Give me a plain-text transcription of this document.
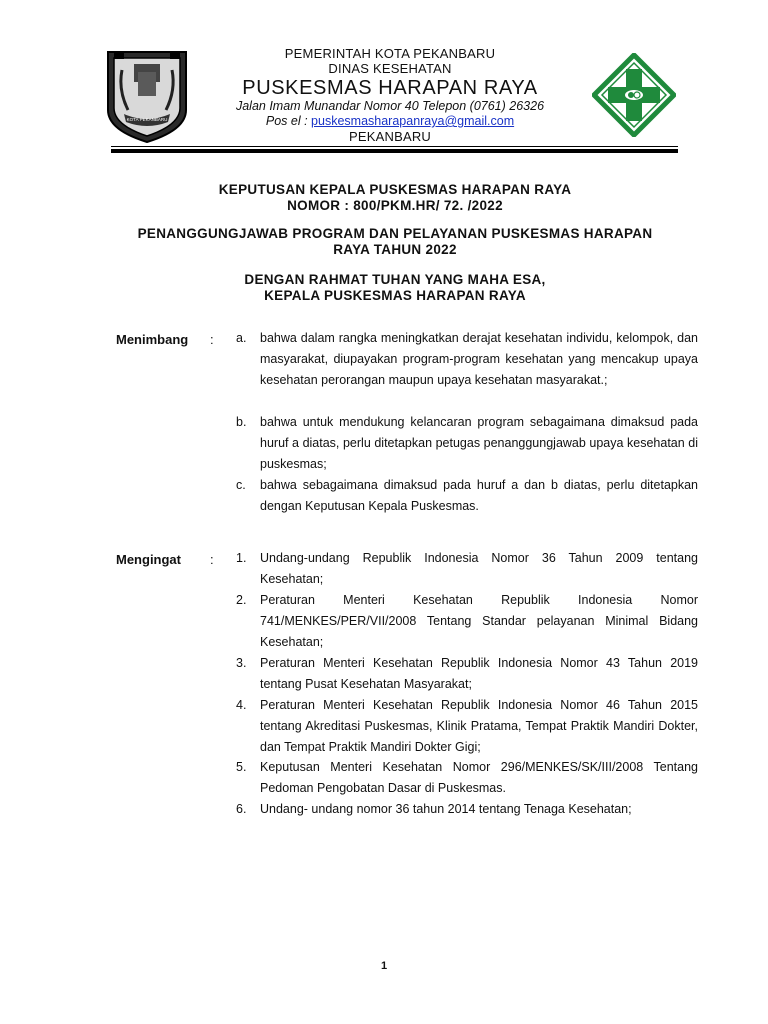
KOTA PEKANBARU
PEMERINTAH KOTA PEKANBARU
DINAS KESEHATAN
PUSKESMAS HARAPAN RAYA
Jalan Imam Munandar Nomor 40 Telepon (0761) 26326
Pos el : puskesmasharapanraya@gmail.com
PEKANBARU
KEPUTUSAN KEPALA PUSKESMAS HARAPAN RAYA
NOMOR : 800/PKM.HR/ 72. /2022
PENANGGUNGJAWAB PROGRAM DAN PELAYANAN PUSKESMAS HARAPAN
RAYA TAHUN 2022
DENGAN RAHMAT TUHAN YANG MAHA ESA,
KEPALA PUSKESMAS HARAPAN RAYA
Menimbang : a.	bahwa dalam rangka meningkatkan derajat kesehatan individu, kelompok, dan masyarakat, diupayakan program-program kesehatan yang mencakup upaya kesehatan perorangan maupun upaya kesehatan masyarakat.;
b.	bahwa untuk mendukung kelancaran program sebagaimana dimaksud pada huruf a diatas, perlu ditetapkan petugas penanggungjawab upaya kesehatan di puskesmas;
c.	bahwa sebagaimana dimaksud pada huruf a dan b diatas, perlu ditetapkan dengan Keputusan Kepala Puskesmas.
Mengingat : 1.	Undang-undang Republik Indonesia Nomor 36 Tahun 2009 tentang Kesehatan;
2.	Peraturan Menteri Kesehatan Republik Indonesia Nomor 741/MENKES/PER/VII/2008 Tentang Standar pelayanan Minimal Bidang Kesehatan;
3.	Peraturan Menteri Kesehatan Republik Indonesia Nomor 43 Tahun 2019 tentang Pusat Kesehatan Masyarakat;
4.	Peraturan Menteri Kesehatan Republik Indonesia Nomor 46 Tahun 2015 tentang Akreditasi Puskesmas, Klinik Pratama, Tempat Praktik Mandiri Dokter, dan Tempat Praktik Mandiri Dokter Gigi;
5.	Keputusan Menteri Kesehatan Nomor 296/MENKES/SK/III/2008 Tentang Pedoman Pengobatan Dasar di Puskesmas.
6.	Undang- undang nomor 36 tahun 2014 tentang Tenaga Kesehatan;
1
